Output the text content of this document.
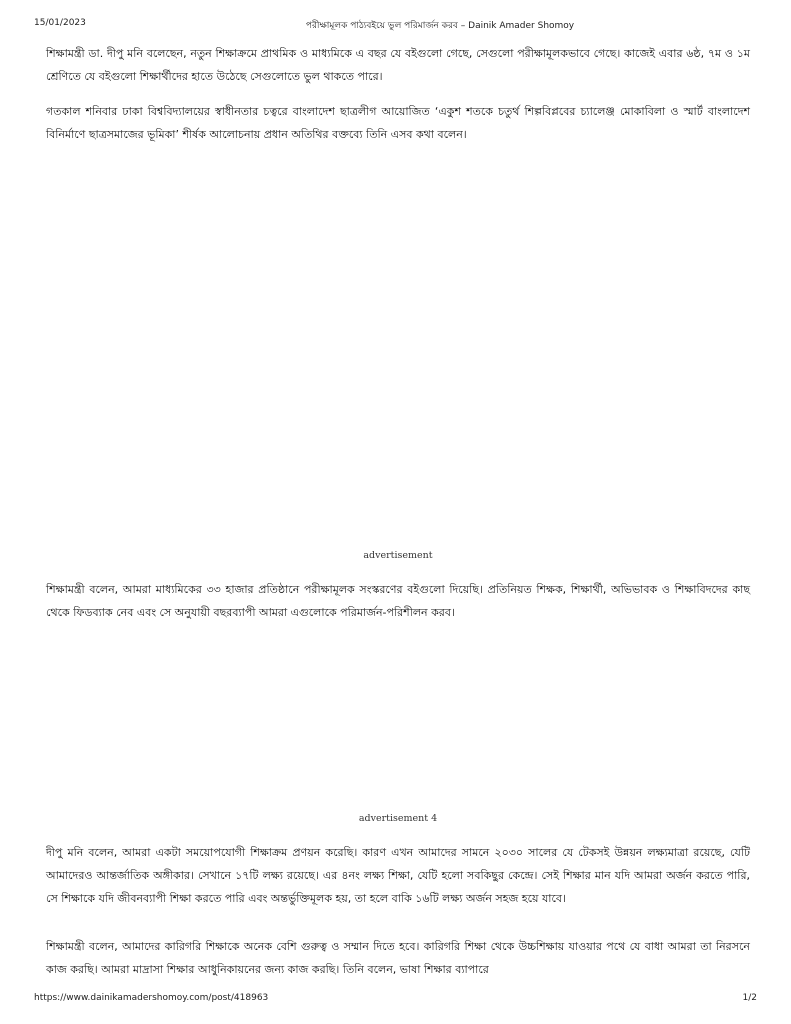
15/01/2023	পরীক্ষামূলক পাঠ্যবইয়ে ভুল পরিমার্জন করব – Dainik Amader Shomoy

শিক্ষামন্ত্রী ডা. দীপু মনি বলেছেন, নতুন শিক্ষাক্রমে প্রাথমিক ও মাধ্যমিকে এ বছর যে বইগুলো গেছে, সেগুলো পরীক্ষামূলকভাবে গেছে। কাজেই এবার ৬ষ্ঠ, ৭ম ও ১ম শ্রেণিতে যে বইগুলো শিক্ষার্থীদের হাতে উঠেছে সেগুলোতে ভুল থাকতে পারে।

গতকাল শনিবার ঢাকা বিশ্ববিদ্যালয়ের স্বাধীনতার চত্বরে বাংলাদেশ ছাত্রলীগ আয়োজিত ‘একুশ শতকে চতুর্থ শিল্পবিপ্লবের চ্যালেঞ্জ মোকাবিলা ও স্মার্ট বাংলাদেশ বিনির্মাণে ছাত্রসমাজের ভূমিকা’ শীর্ষক আলোচনায় প্রধান অতিথির বক্তব্যে তিনি এসব কথা বলেন।

advertisement

শিক্ষামন্ত্রী বলেন, আমরা মাধ্যমিকের ৩৩ হাজার প্রতিষ্ঠানে পরীক্ষামূলক সংস্করণের বইগুলো দিয়েছি। প্রতিনিয়ত শিক্ষক, শিক্ষার্থী, অভিভাবক ও শিক্ষাবিদদের কাছ থেকে ফিডব্যাক নেব এবং সে অনুযায়ী বছরব্যাপী আমরা এগুলোকে পরিমার্জন-পরিশীলন করব।

advertisement 4

দীপু মনি বলেন, আমরা একটা সময়োপযোগী শিক্ষাক্রম প্রণয়ন করেছি। কারণ এখন আমাদের সামনে ২০৩০ সালের যে টেকসই উন্নয়ন লক্ষ্যমাত্রা রয়েছে, যেটি আমাদেরও আন্তর্জাতিক অঙ্গীকার। সেখানে ১৭টি লক্ষ্য রয়েছে। এর ৪নং লক্ষ্য শিক্ষা, যেটি হলো সবকিছুর কেন্দ্রে। সেই শিক্ষার মান যদি আমরা অর্জন করতে পারি, সে শিক্ষাকে যদি জীবনব্যাপী শিক্ষা করতে পারি এবং অন্তর্ভুক্তিমূলক হয়, তা হলে বাকি ১৬টি লক্ষ্য অর্জন সহজ হয়ে যাবে।

শিক্ষামন্ত্রী বলেন, আমাদের কারিগরি শিক্ষাকে অনেক বেশি গুরুত্ব ও সম্মান দিতে হবে। কারিগরি শিক্ষা থেকে উচ্চশিক্ষায় যাওয়ার পথে যে বাধা আমরা তা নিরসনে কাজ করছি। আমরা মাদ্রাসা শিক্ষার আধুনিকায়নের জন্য কাজ করছি। তিনি বলেন, ভাষা শিক্ষার ব্যাপারে

https://www.dainikamadershomoy.com/post/418963	1/2
